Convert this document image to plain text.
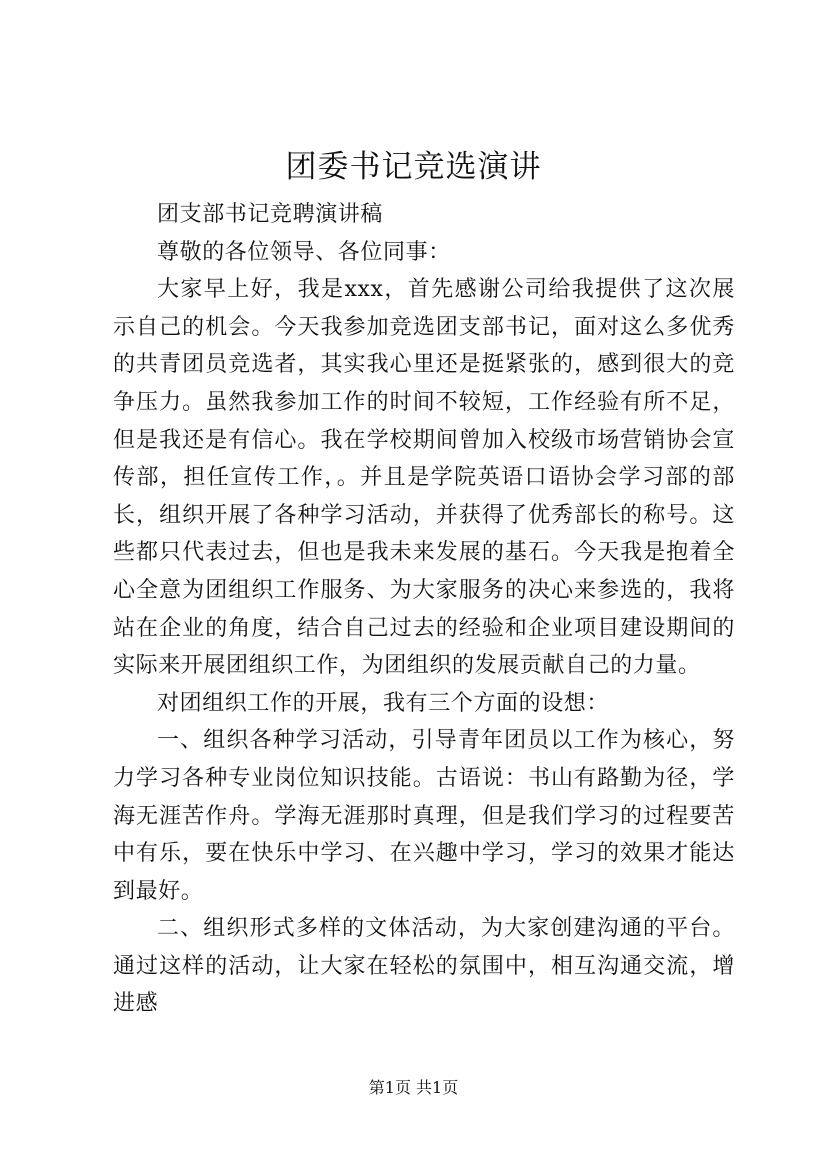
团委书记竞选演讲

团支部书记竞聘演讲稿

尊敬的各位领导、各位同事：

大家早上好，我是xxx，首先感谢公司给我提供了这次展示自己的机会。今天我参加竞选团支部书记，面对这么多优秀的共青团员竞选者，其实我心里还是挺紧张的，感到很大的竞争压力。虽然我参加工作的时间不较短，工作经验有所不足，但是我还是有信心。我在学校期间曾加入校级市场营销协会宣传部，担任宣传工作，。并且是学院英语口语协会学习部的部长，组织开展了各种学习活动，并获得了优秀部长的称号。这些都只代表过去，但也是我未来发展的基石。今天我是抱着全心全意为团组织工作服务、为大家服务的决心来参选的，我将站在企业的角度，结合自己过去的经验和企业项目建设期间的实际来开展团组织工作，为团组织的发展贡献自己的力量。

对团组织工作的开展，我有三个方面的设想：

一、组织各种学习活动，引导青年团员以工作为核心，努力学习各种专业岗位知识技能。古语说：书山有路勤为径，学海无涯苦作舟。学海无涯那时真理，但是我们学习的过程要苦中有乐，要在快乐中学习、在兴趣中学习，学习的效果才能达到最好。

二、组织形式多样的文体活动，为大家创建沟通的平台。通过这样的活动，让大家在轻松的氛围中，相互沟通交流，增进感

第1页 共1页
